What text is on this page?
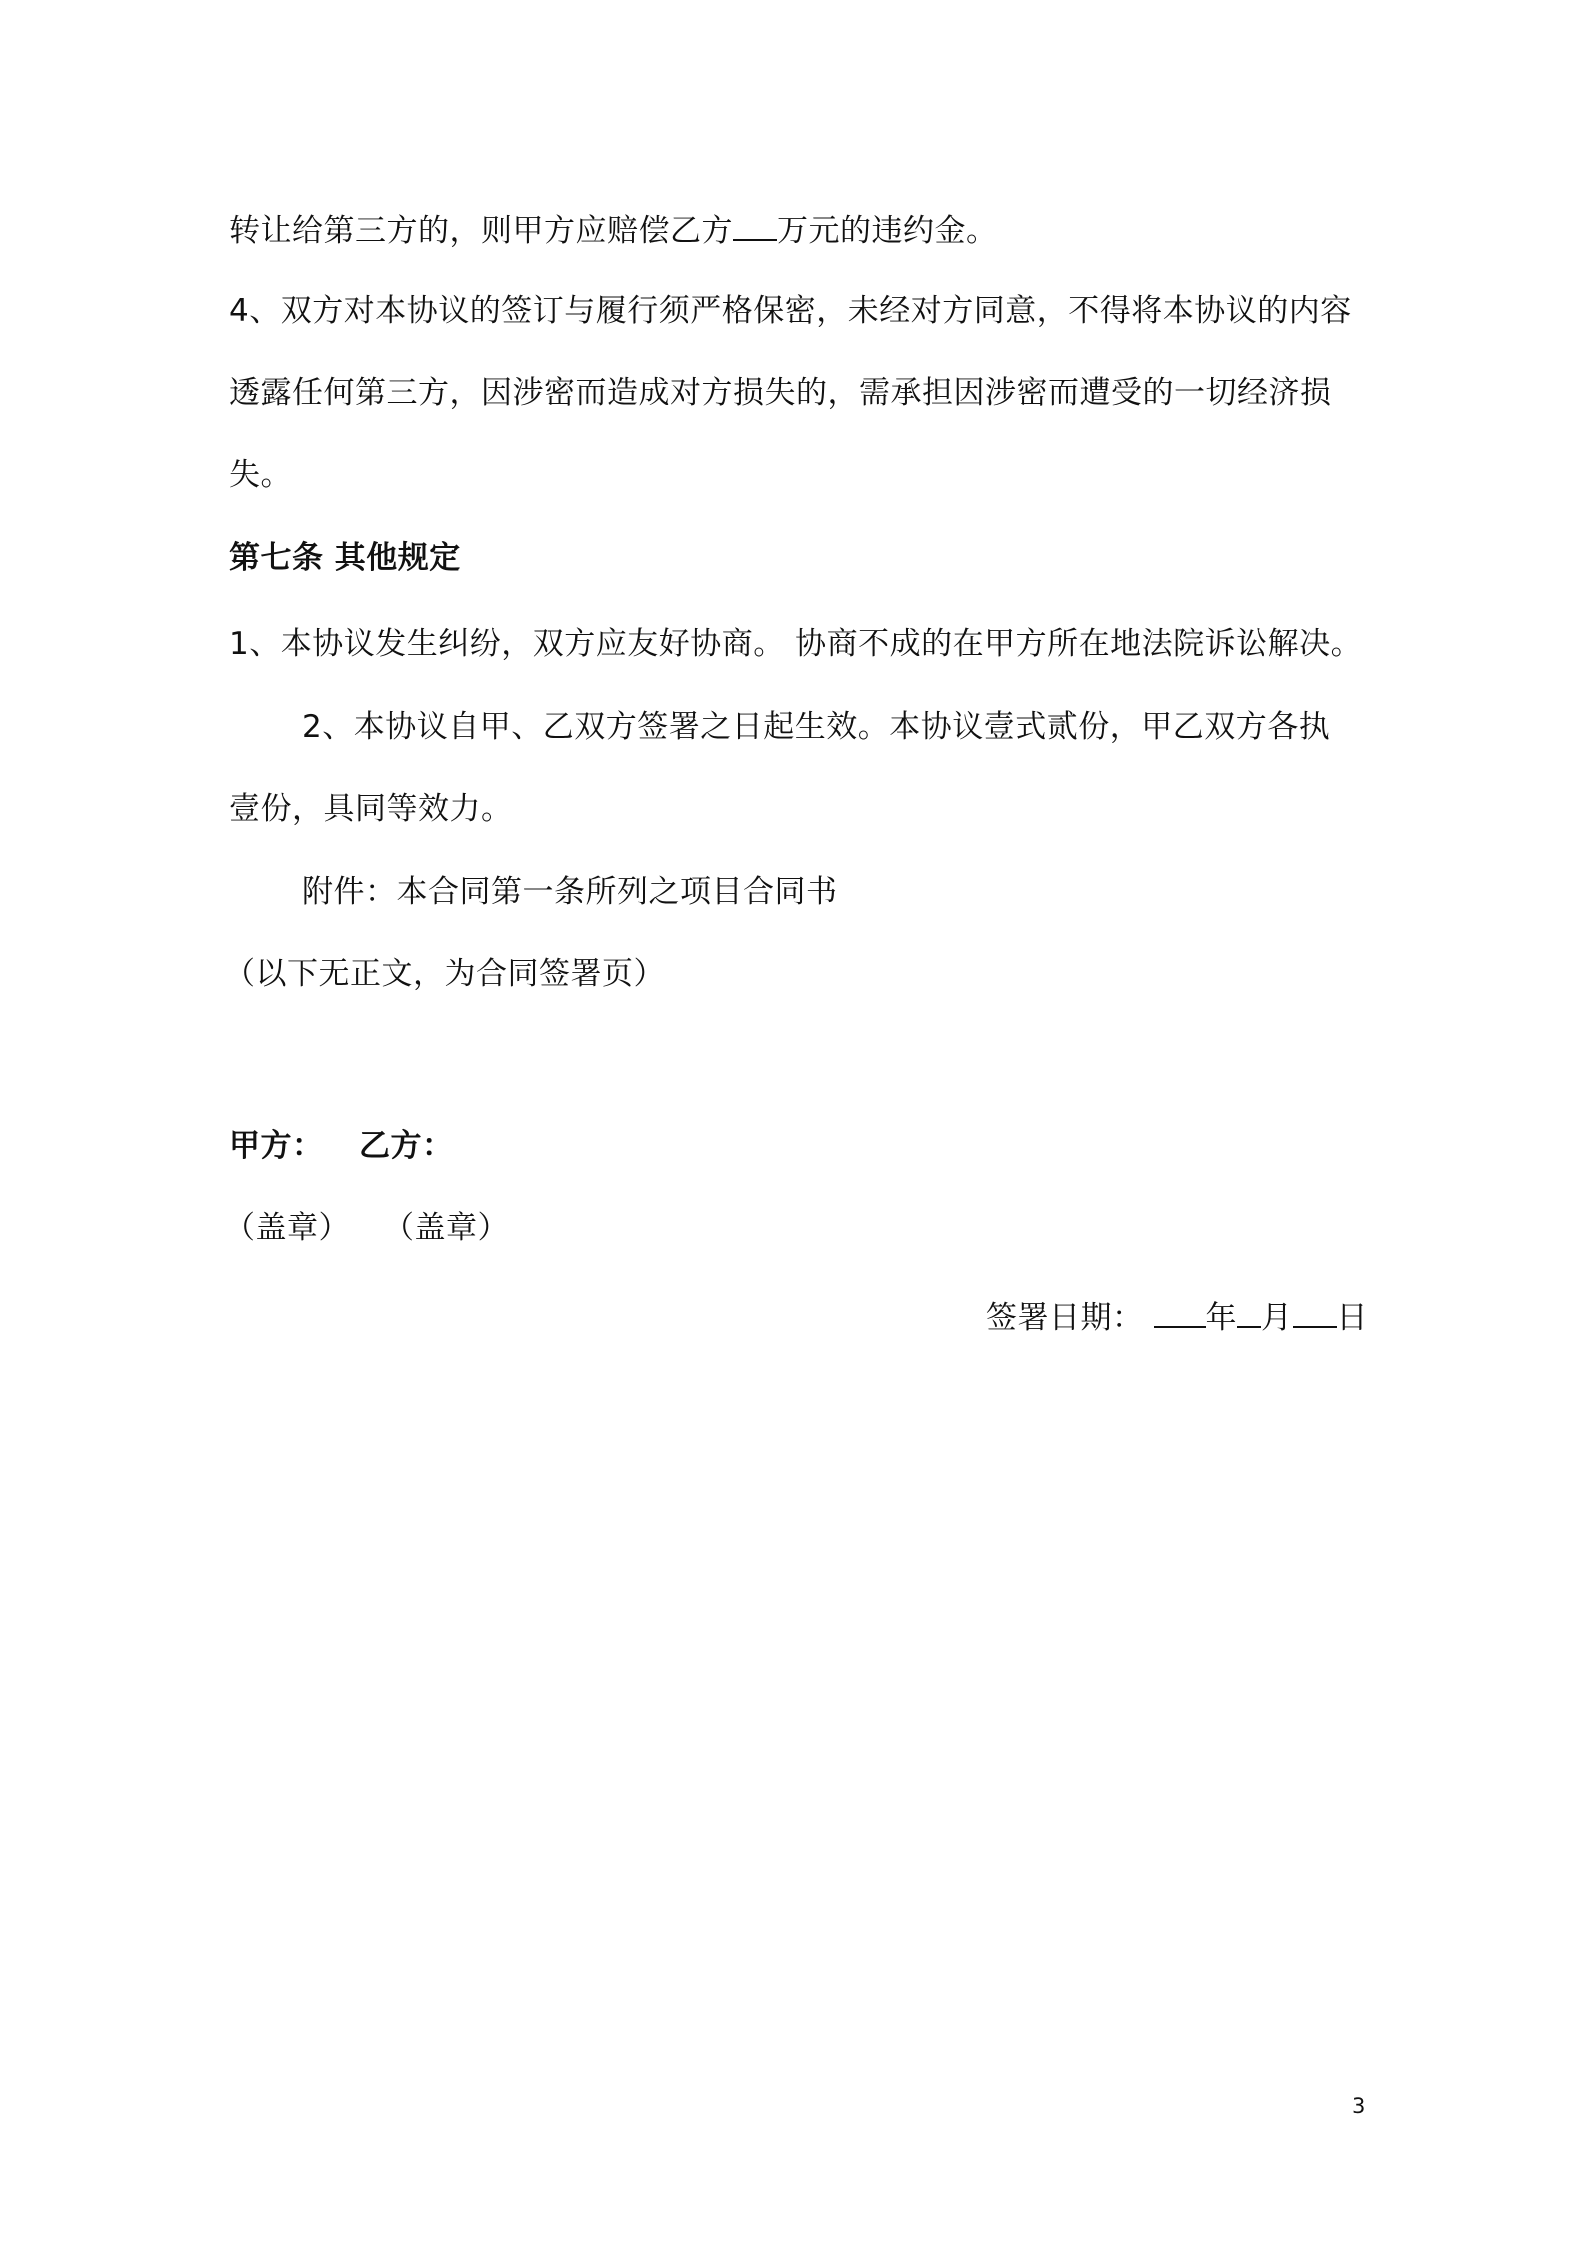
转让给第三方的，则甲方应赔偿乙方 万元的违约金。
4、双方对本协议的签订与履行须严格保密，未经对方同意，不得将本协议的内容
透露任何第三方，因涉密而造成对方损失的，需承担因涉密而遭受的一切经济损
失。
第七条 其他规定
1、本协议发生纠纷，双方应友好协商。 协商不成的在甲方所在地法院诉讼解决。
2、本协议自甲、乙双方签署之日起生效。本协议壹式贰份，甲乙双方各执
壹份，具同等效力。
附件：本合同第一条所列之项目合同书
（以下无正文，为合同签署页）
甲方： 乙方：
（盖章） （盖章）
签署日期： 年 月 日
3
